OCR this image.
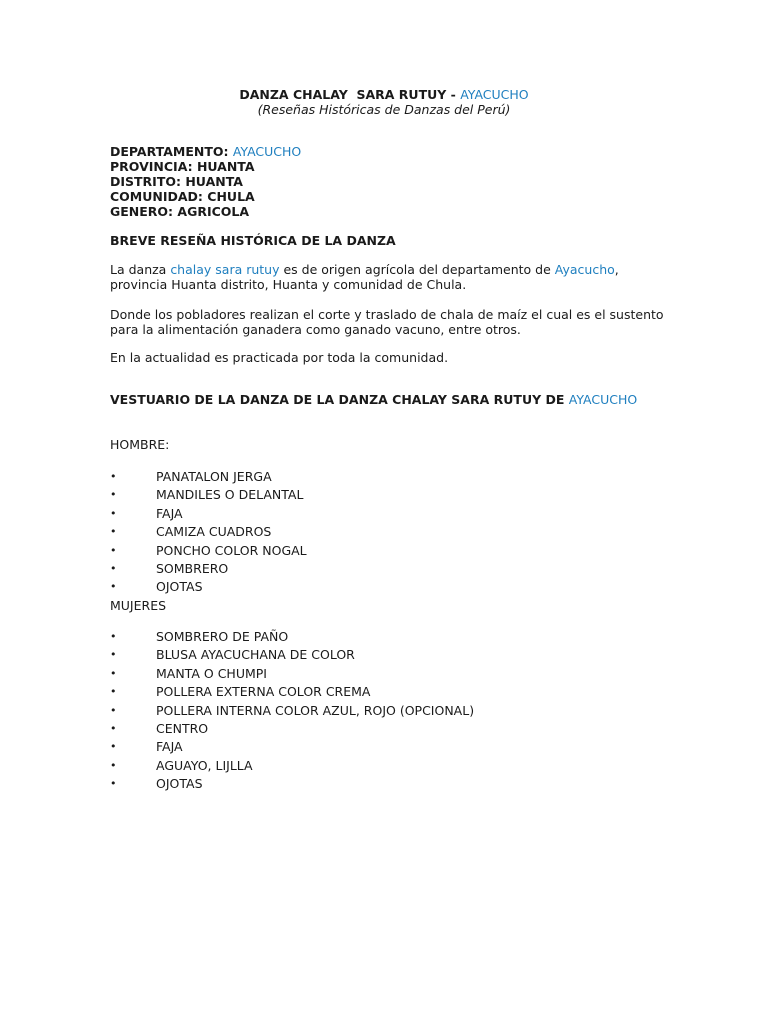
DANZA CHALAY  SARA RUTUY - AYACUCHO
(Reseñas Históricas de Danzas del Perú)
DEPARTAMENTO: AYACUCHO
PROVINCIA: HUANTA
DISTRITO: HUANTA
COMUNIDAD: CHULA
GENERO: AGRICOLA
BREVE RESEÑA HISTÓRICA DE LA DANZA
La danza chalay sara rutuy es de origen agrícola del departamento de Ayacucho, provincia Huanta distrito, Huanta y comunidad de Chula.
Donde los pobladores realizan el corte y traslado de chala de maíz el cual es el sustento para la alimentación ganadera como ganado vacuno, entre otros.
En la actualidad es practicada por toda la comunidad.
VESTUARIO DE LA DANZA DE LA DANZA CHALAY SARA RUTUY DE AYACUCHO
HOMBRE:
•	PANATALON JERGA
•	MANDILES O DELANTAL
•	FAJA
•	CAMIZA CUADROS
•	PONCHO COLOR NOGAL
•	SOMBRERO
•	OJOTAS
MUJERES
•	SOMBRERO DE PAÑO
•	BLUSA AYACUCHANA DE COLOR
•	MANTA O CHUMPI
•	POLLERA EXTERNA COLOR CREMA
•	POLLERA INTERNA COLOR AZUL, ROJO (OPCIONAL)
•	CENTRO
•	FAJA
•	AGUAYO, LIJLLA
•	OJOTAS
